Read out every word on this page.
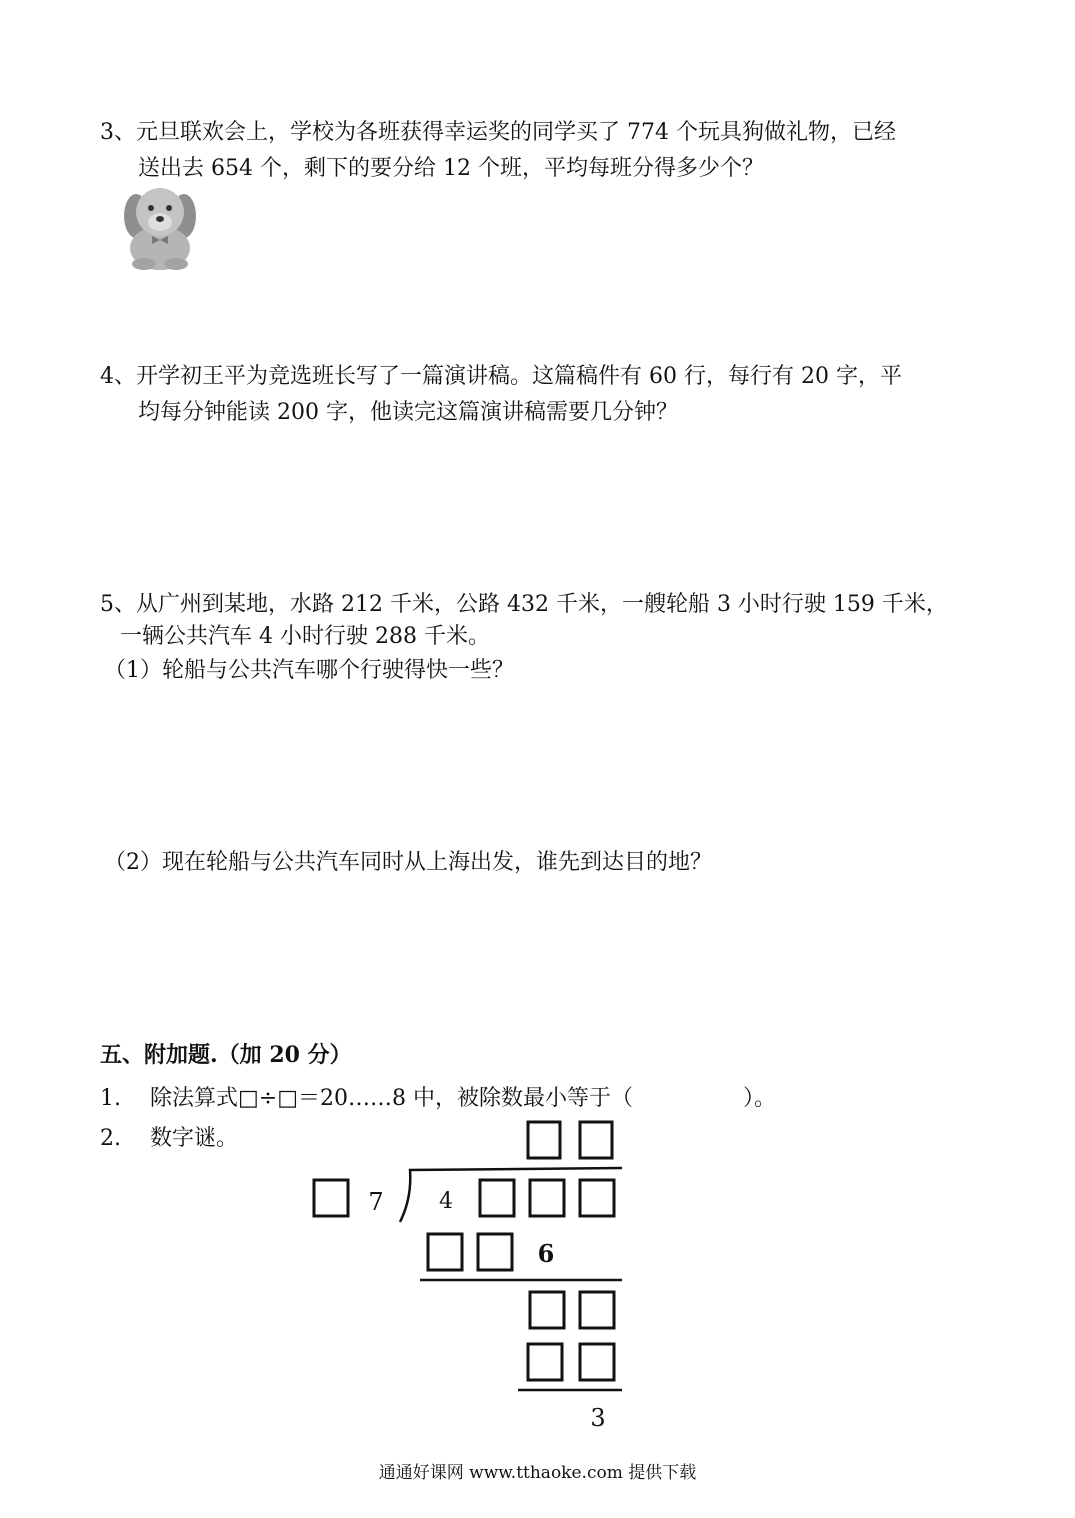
3、元旦联欢会上，学校为各班获得幸运奖的同学买了 774 个玩具狗做礼物，已经
送出去 654 个，剩下的要分给 12 个班，平均每班分得多少个？
4、开学初王平为竞选班长写了一篇演讲稿。这篇稿件有 60 行，每行有 20 字，平
均每分钟能读 200 字，他读完这篇演讲稿需要几分钟？
5、从广州到某地，水路 212 千米，公路 432 千米，一艘轮船 3 小时行驶 159 千米，
一辆公共汽车 4 小时行驶 288 千米。
（1）轮船与公共汽车哪个行驶得快一些？
（2）现在轮船与公共汽车同时从上海出发，谁先到达目的地？
五、附加题.（加 20 分）
1. 除法算式□÷□＝20……8 中，被除数最小等于（　　　　　）。
2. 数字谜。
7	4
6
3
通通好课网 www.tthaoke.com 提供下载
